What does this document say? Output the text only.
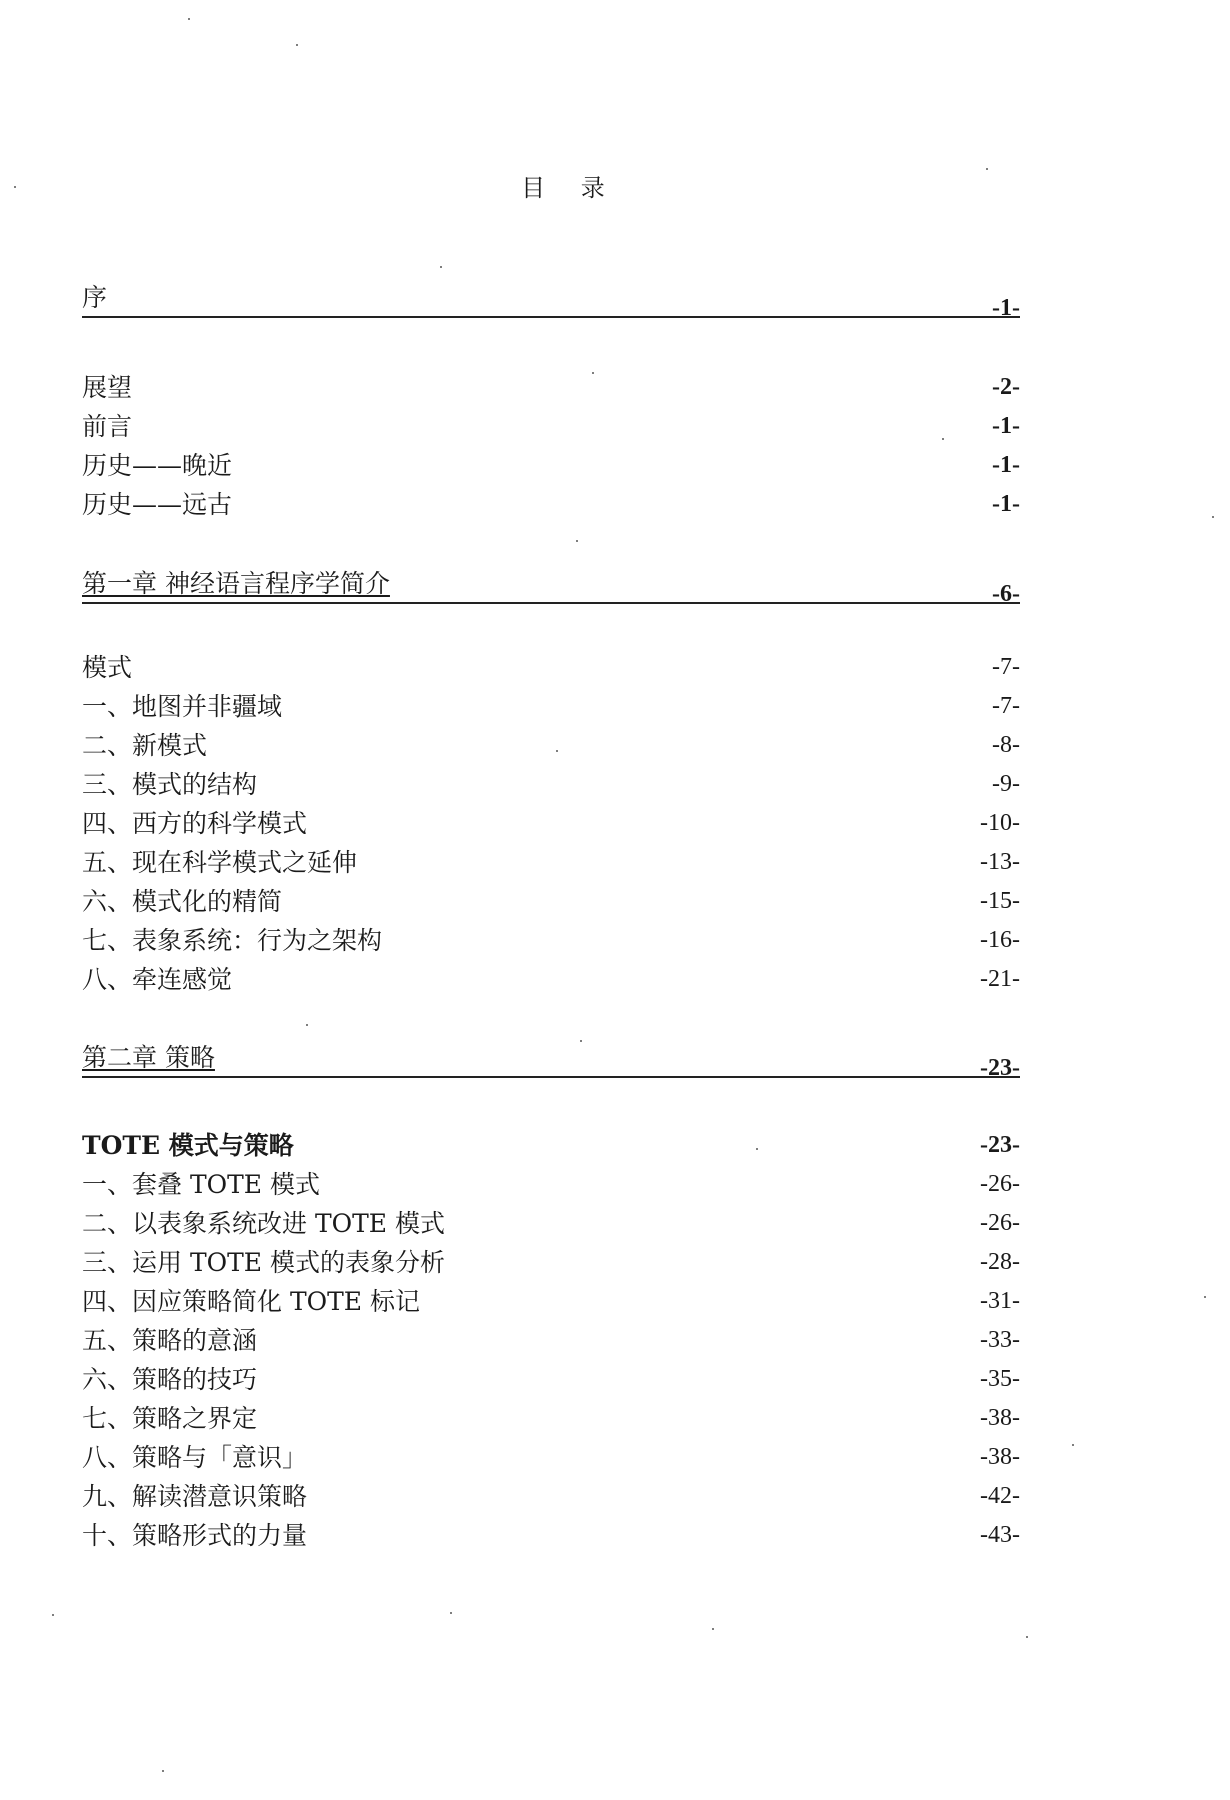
目 录
序	-1-
展望	-2-
前言	-1-
历史——晚近	-1-
历史——远古	-1-
第一章 神经语言程序学简介	-6-
模式	-7-
一、地图并非疆域	-7-
二、新模式	-8-
三、模式的结构	-9-
四、西方的科学模式	-10-
五、现在科学模式之延伸	-13-
六、模式化的精简	-15-
七、表象系统：行为之架构	-16-
八、牵连感觉	-21-
第二章 策略	-23-
TOTE 模式与策略	-23-
一、套叠 TOTE 模式	-26-
二、以表象系统改进 TOTE 模式	-26-
三、运用 TOTE 模式的表象分析	-28-
四、因应策略简化 TOTE 标记	-31-
五、策略的意涵	-33-
六、策略的技巧	-35-
七、策略之界定	-38-
八、策略与「意识」	-38-
九、解读潜意识策略	-42-
十、策略形式的力量	-43-
